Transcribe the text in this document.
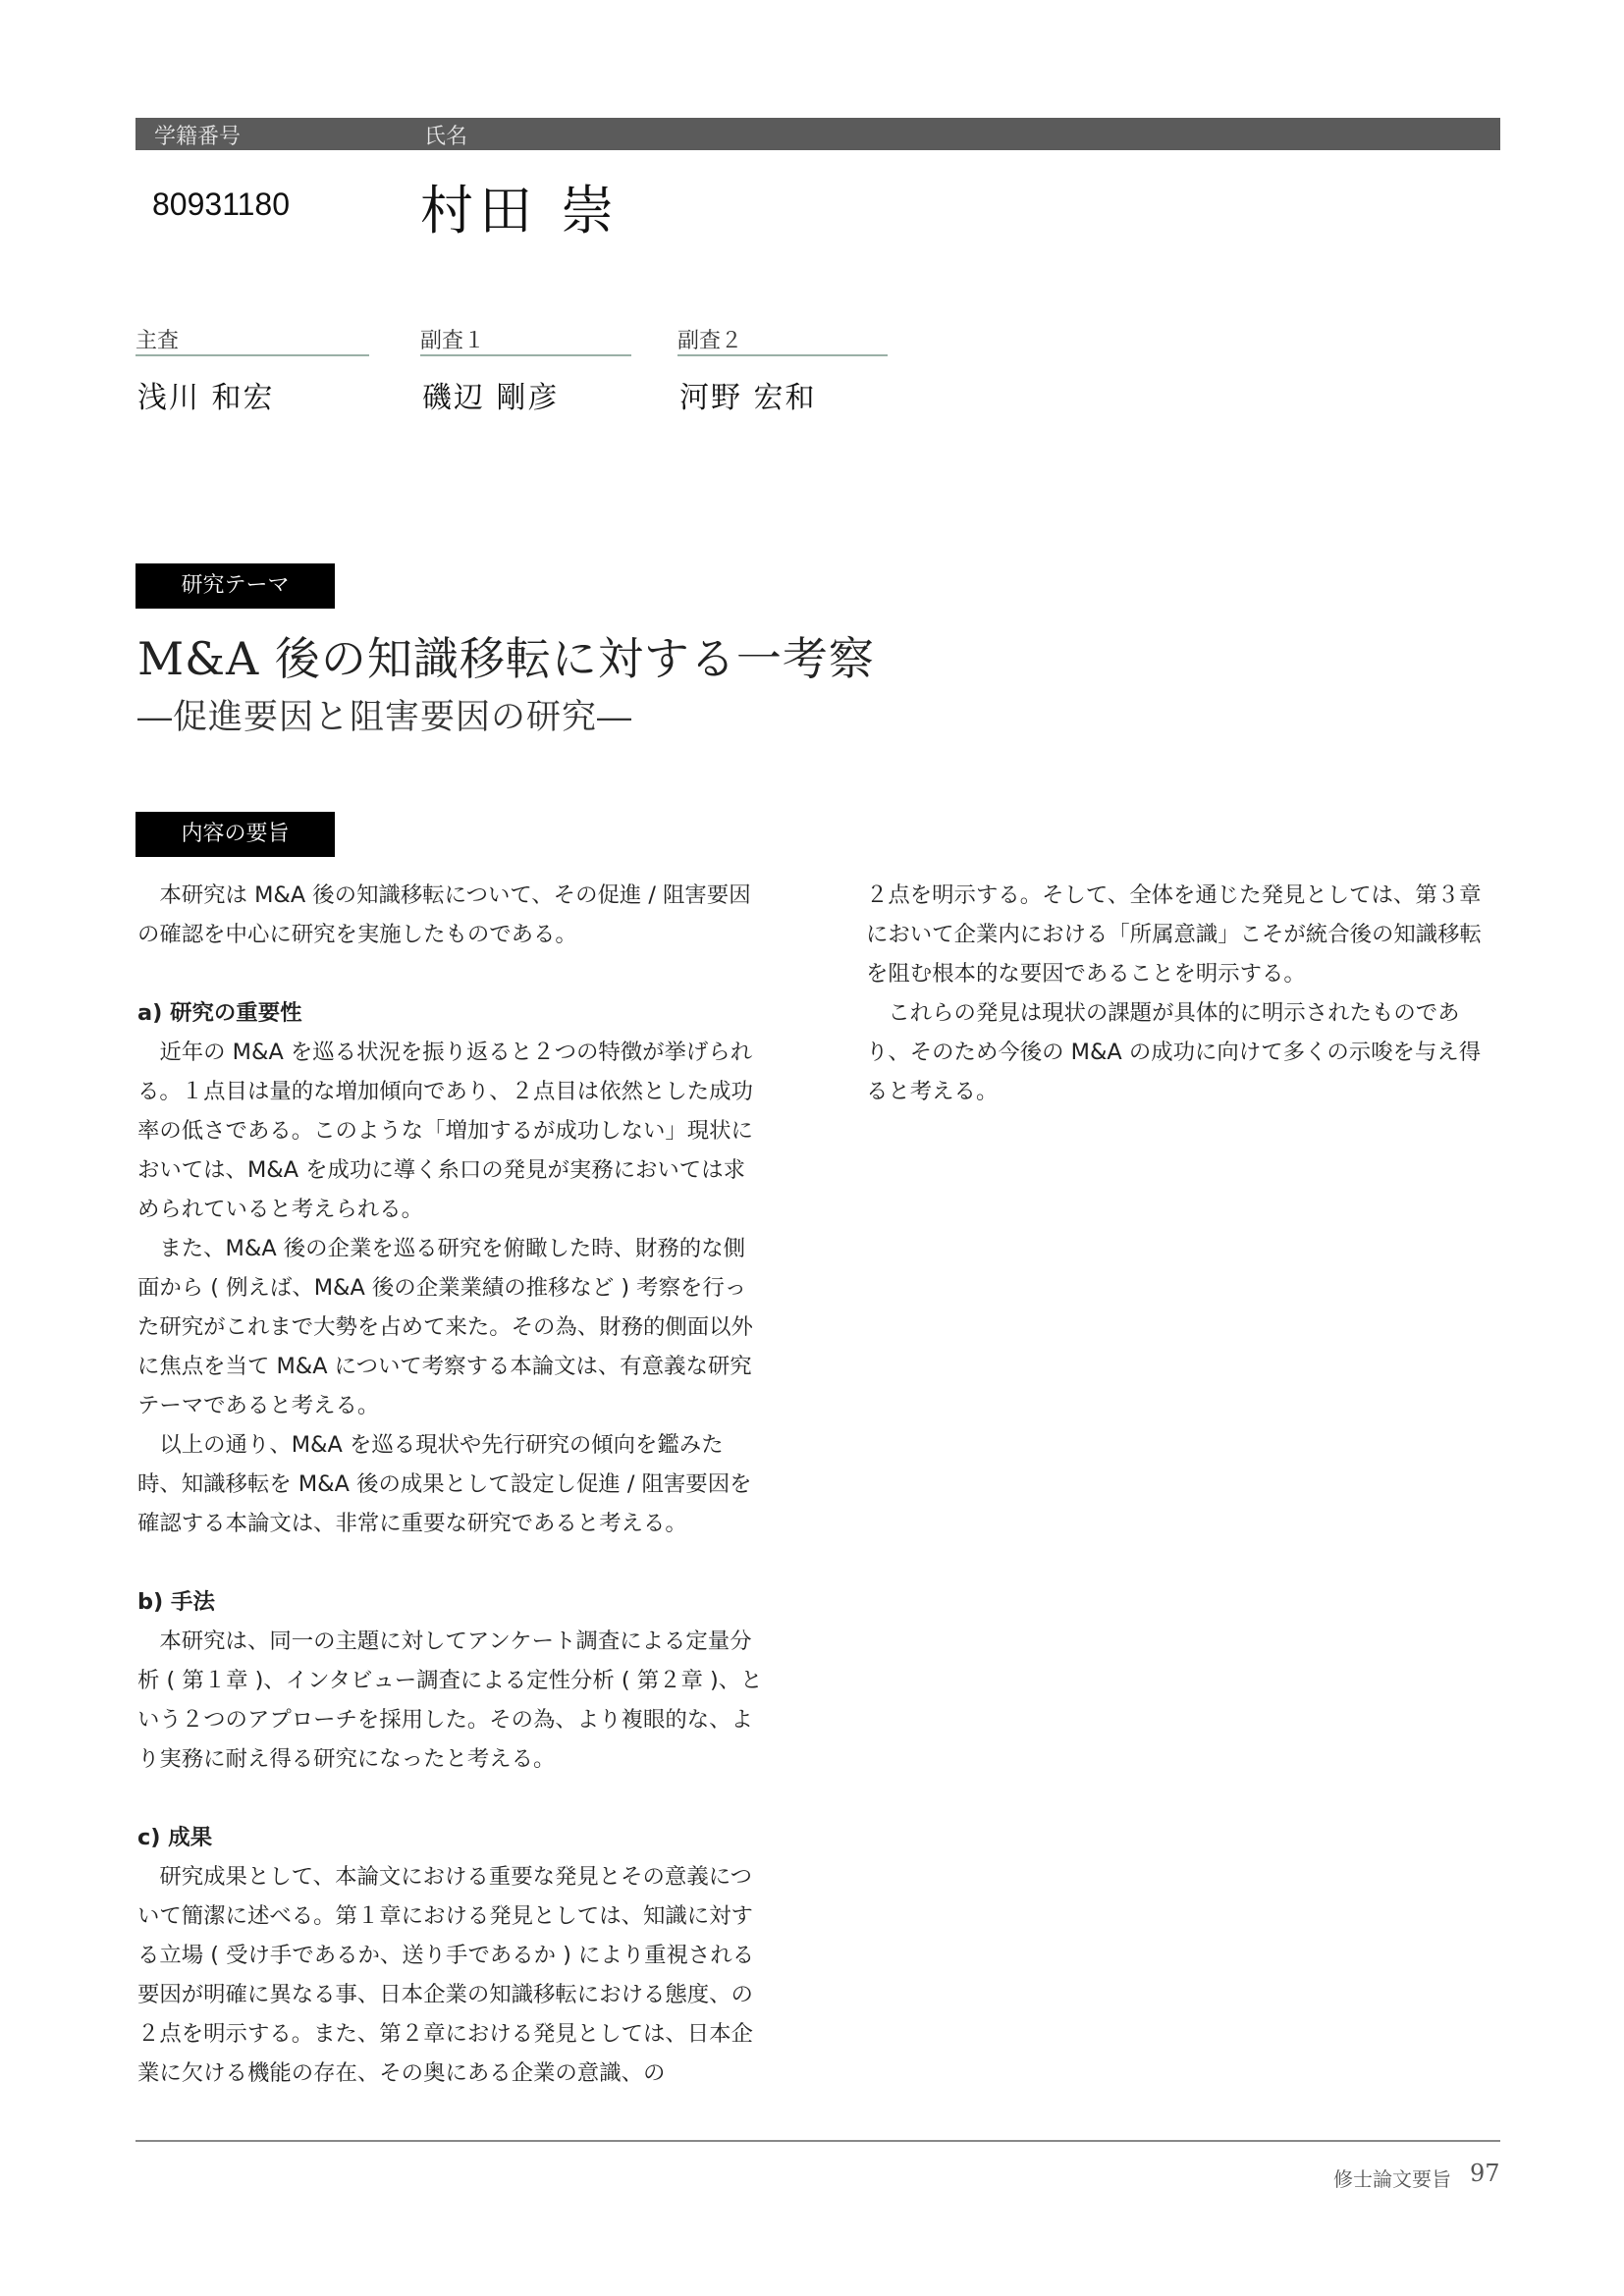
学籍番号	氏名
80931180 村田 崇
主査
浅川 和宏
副査１
磯辺 剛彦
副査２
河野 宏和
研究テーマ
M&A 後の知識移転に対する一考察
―促進要因と阻害要因の研究―
内容の要旨

本研究は M&A 後の知識移転について、その促進 / 阻害要因の確認を中心に研究を実施したものである。

a) 研究の重要性

近年の M&A を巡る状況を振り返ると２つの特徴が挙げられる。１点目は量的な増加傾向であり、２点目は依然とした成功率の低さである。このような「増加するが成功しない」現状においては、M&A を成功に導く糸口の発見が実務においては求められていると考えられる。

また、M&A 後の企業を巡る研究を俯瞰した時、財務的な側面から ( 例えば、M&A 後の企業業績の推移など ) 考察を行った研究がこれまで大勢を占めて来た。その為、財務的側面以外に焦点を当て M&A について考察する本論文は、有意義な研究テーマであると考える。

以上の通り、M&A を巡る現状や先行研究の傾向を鑑みた時、知識移転を M&A 後の成果として設定し促進 / 阻害要因を確認する本論文は、非常に重要な研究であると考える。

b) 手法

本研究は、同一の主題に対してアンケート調査による定量分析 ( 第１章 )、インタビュー調査による定性分析 ( 第２章 )、という２つのアプローチを採用した。その為、より複眼的な、より実務に耐え得る研究になったと考える。

c) 成果

研究成果として、本論文における重要な発見とその意義について簡潔に述べる。第１章における発見としては、知識に対する立場 ( 受け手であるか、送り手であるか ) により重視される要因が明確に異なる事、日本企業の知識移転における態度、の２点を明示する。また、第２章における発見としては、日本企業に欠ける機能の存在、その奥にある企業の意識、の

２点を明示する。そして、全体を通じた発見としては、第３章において企業内における「所属意識」こそが統合後の知識移転を阻む根本的な要因であることを明示する。

これらの発見は現状の課題が具体的に明示されたものであり、そのため今後の M&A の成功に向けて多くの示唆を与え得ると考える。

修士論文要旨 97
